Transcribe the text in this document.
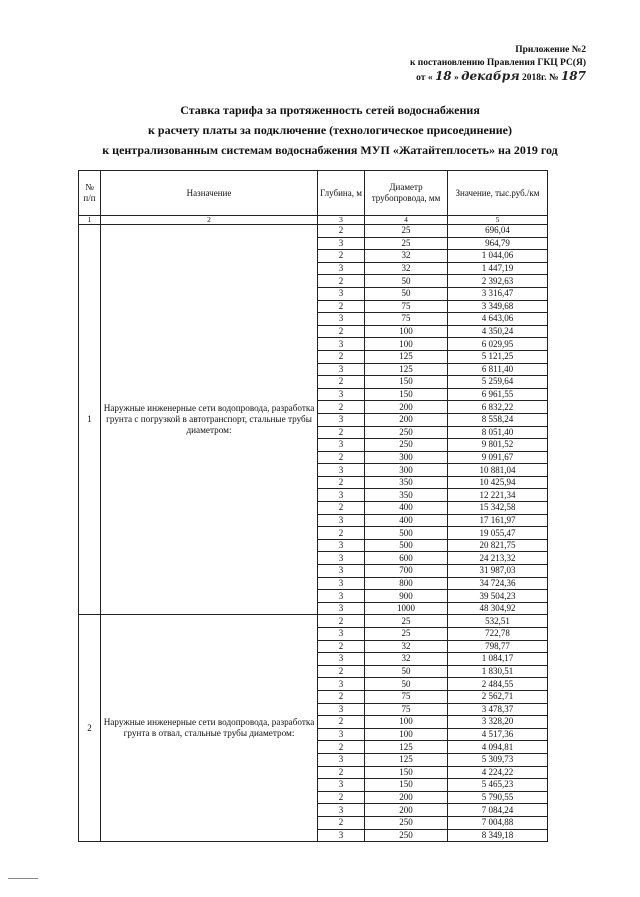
Приложение №2
к постановлению Правления ГКЦ РС(Я)
от « 18 » декабря 2018г. № 187
Ставка тарифа за протяженность сетей водоснабжения
к расчету платы за подключение (технологическое присоединение)
к централизованным системам водоснабжения МУП «Жатайтеплосеть» на 2019 год
№ п/п	Назначение	Глубина, м	Диаметр трубопровода, мм	Значение, тыс.руб./км
1	2	3	4	5
1	Наружные инженерные сети водопровода, разработка грунта с погрузкой в автотранспорт, стальные трубы диаметром:	2	25	696,04
		3	25	964,79
		2	32	1 044,06
		3	32	1 447,19
		2	50	2 392,63
		3	50	3 316,47
		2	75	3 349,68
		3	75	4 643,06
		2	100	4 350,24
		3	100	6 029,95
		2	125	5 121,25
		3	125	6 811,40
		2	150	5 259,64
		3	150	6 961,55
		2	200	6 832,22
		3	200	8 558,24
		2	250	8 051,40
		3	250	9 801,52
		2	300	9 091,67
		3	300	10 881,04
		2	350	10 425,94
		3	350	12 221,34
		2	400	15 342,58
		3	400	17 161,97
		2	500	19 055,47
		3	500	20 821,75
		3	600	24 213,32
		3	700	31 987,03
		3	800	34 724,36
		3	900	39 504,23
		3	1000	48 304,92
2	Наружные инженерные сети водопровода, разработка грунта в отвал, стальные трубы диаметром:	2	25	532,51
		3	25	722,78
		2	32	798,77
		3	32	1 084,17
		2	50	1 830,51
		3	50	2 484,55
		2	75	2 562,71
		3	75	3 478,37
		2	100	3 328,20
		3	100	4 517,36
		2	125	4 094,81
		3	125	5 309,73
		2	150	4 224,22
		3	150	5 465,23
		2	200	5 790,55
		3	200	7 084,24
		2	250	7 004,88
		3	250	8 349,18
